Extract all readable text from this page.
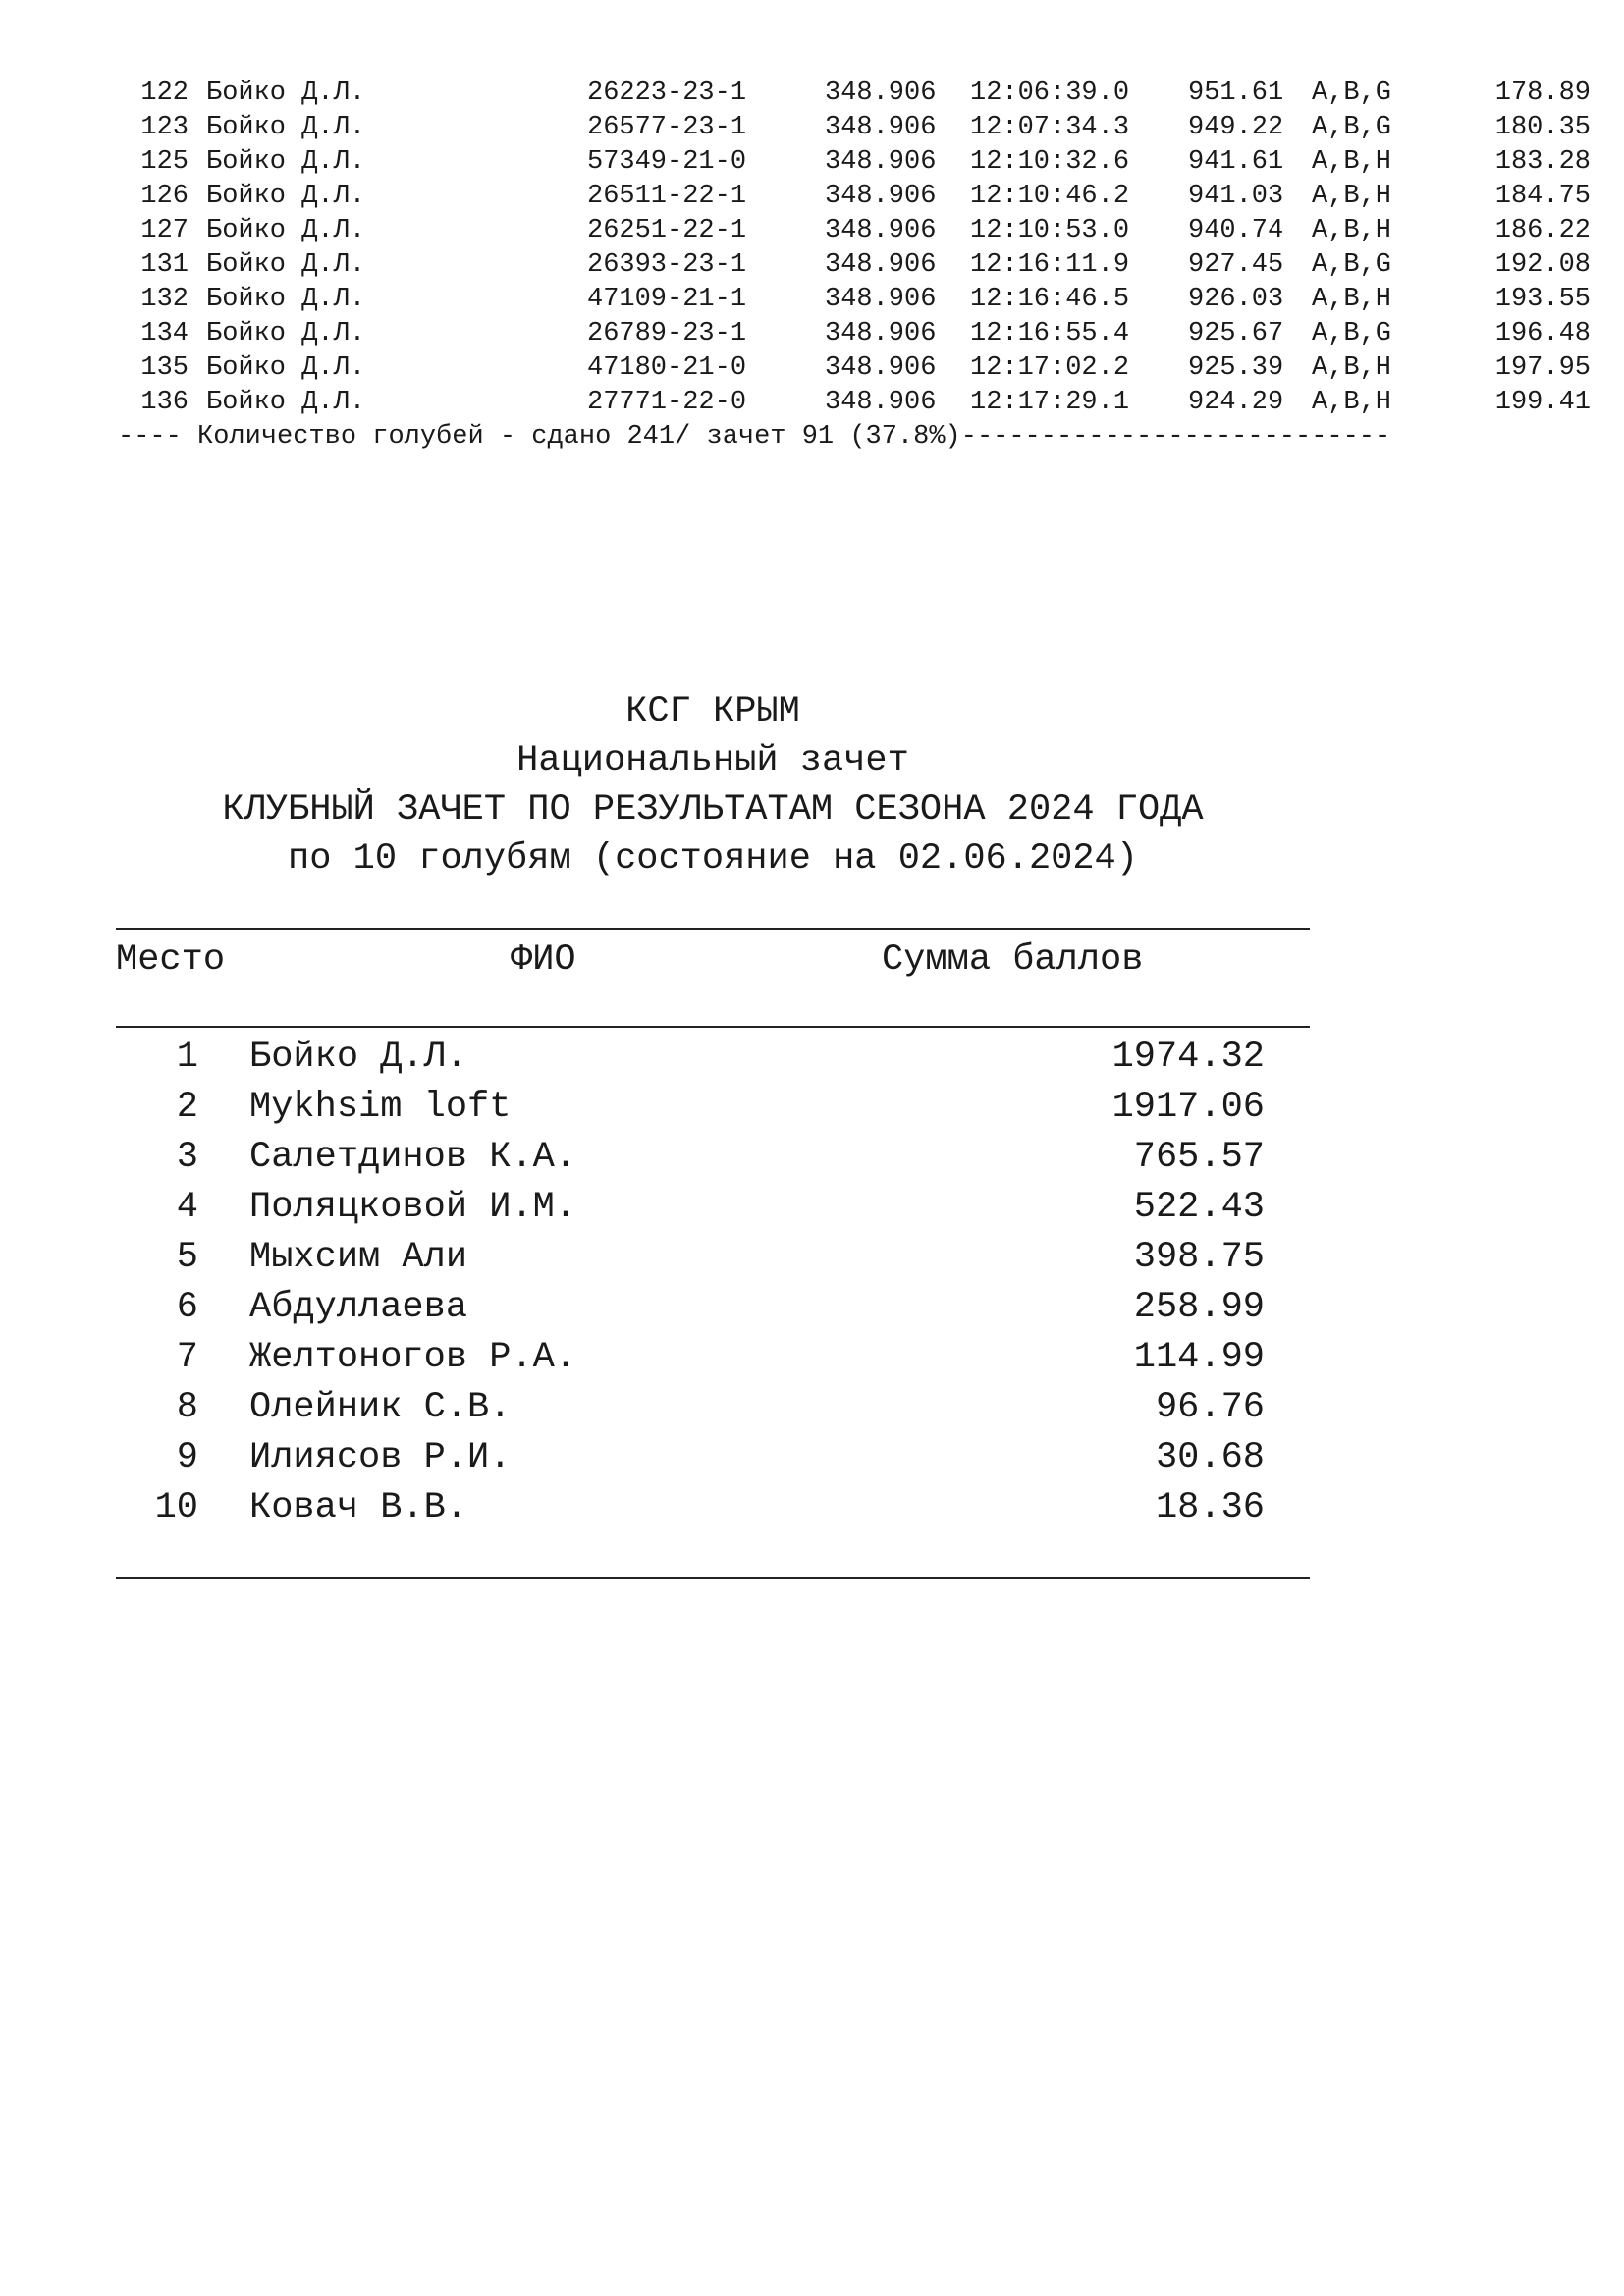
122 Бойко Д.Л.	26223-23-1	348.906 12:06:39.0 951.61 A,B,G	178.89
123 Бойко Д.Л.	26577-23-1	348.906 12:07:34.3 949.22 A,B,G	180.35
125 Бойко Д.Л.	57349-21-0	348.906 12:10:32.6 941.61 A,B,H	183.28
126 Бойко Д.Л.	26511-22-1	348.906 12:10:46.2 941.03 A,B,H	184.75
127 Бойко Д.Л.	26251-22-1	348.906 12:10:53.0 940.74 A,B,H	186.22
131 Бойко Д.Л.	26393-23-1	348.906 12:16:11.9 927.45 A,B,G	192.08
132 Бойко Д.Л.	47109-21-1	348.906 12:16:46.5 926.03 A,B,H	193.55
134 Бойко Д.Л.	26789-23-1	348.906 12:16:55.4 925.67 A,B,G	196.48
135 Бойко Д.Л.	47180-21-0	348.906 12:17:02.2 925.39 A,B,H	197.95
136 Бойко Д.Л.	27771-22-0	348.906 12:17:29.1 924.29 A,B,H	199.41
---- Количество голубей - сдано 241/ зачет 91 (37.8%)---------------------------
КСГ КРЫМ
Национальный зачет
КЛУБНЫЙ ЗАЧЕТ ПО РЕЗУЛЬТАТАМ СЕЗОНА 2024 ГОДА
по 10 голубям (состояние на 02.06.2024)
Место	ФИО	Сумма баллов
1 Бойко Д.Л.	1974.32
2 Mykhsim loft	1917.06
3 Салетдинов К.А.	765.57
4 Поляцковой И.М.	522.43
5 Мыхсим Али	398.75
6 Абдуллаева	258.99
7 Желтоногов Р.А.	114.99
8 Олейник С.В.	96.76
9 Илиясов Р.И.	30.68
10 Ковач В.В.	18.36
